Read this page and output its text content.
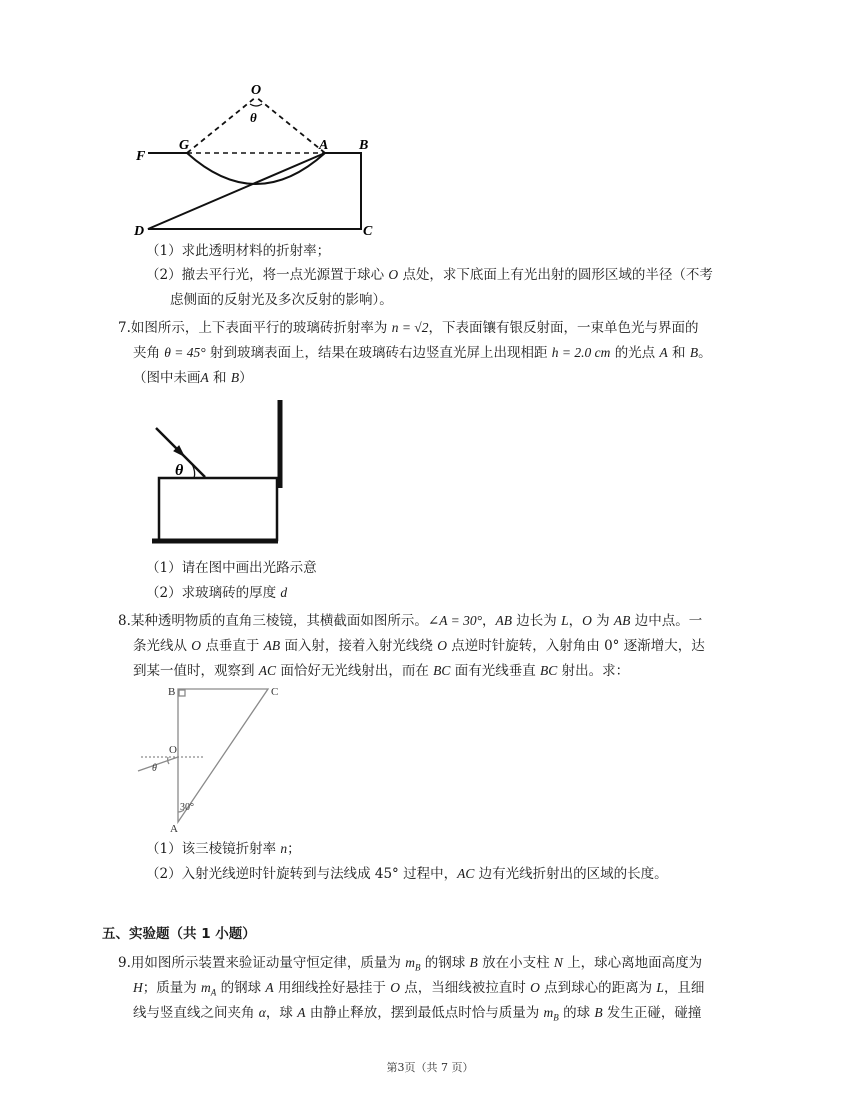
O
θ
G	A B
F
D	C
（1）求此透明材料的折射率；
（2）撤去平行光，将一点光源置于球心 O 点处，求下底面上有光出射的圆形区域的半径（不考
虑侧面的反射光及多次反射的影响）。
7.如图所示，上下表面平行的玻璃砖折射率为 n = √2，下表面镶有银反射面，一束单色光与界面的
夹角 θ = 45° 射到玻璃表面上，结果在玻璃砖右边竖直光屏上出现相距 h = 2.0 cm 的光点 A 和 B。
（图中未画A 和 B）
θ
（1）请在图中画出光路示意
（2）求玻璃砖的厚度 d
8.某种透明物质的直角三棱镜，其横截面如图所示。∠A = 30°，AB 边长为 L，O 为 AB 边中点。一
条光线从 O 点垂直于 AB 面入射，接着入射光线绕 O 点逆时针旋转，入射角由 0° 逐渐增大，达
到某一值时，观察到 AC 面恰好无光线射出，而在 BC 面有光线垂直 BC 射出。求：
B	C
O
θ
30°
A
（1）该三棱镜折射率 n；
（2）入射光线逆时针旋转到与法线成 45° 过程中，AC 边有光线折射出的区域的长度。
五、实验题（共 1 小题）
9.用如图所示装置来验证动量守恒定律，质量为 $m_B$ 的钢球 B 放在小支柱 N 上，球心离地面高度为
H；质量为 $m_A$ 的钢球 A 用细线拴好悬挂于 O 点，当细线被拉直时 O 点到球心的距离为 L，且细
线与竖直线之间夹角 α，球 A 由静止释放，摆到最低点时恰与质量为 $m_B$ 的球 B 发生正碰，碰撞
第3页（共 7 页）
